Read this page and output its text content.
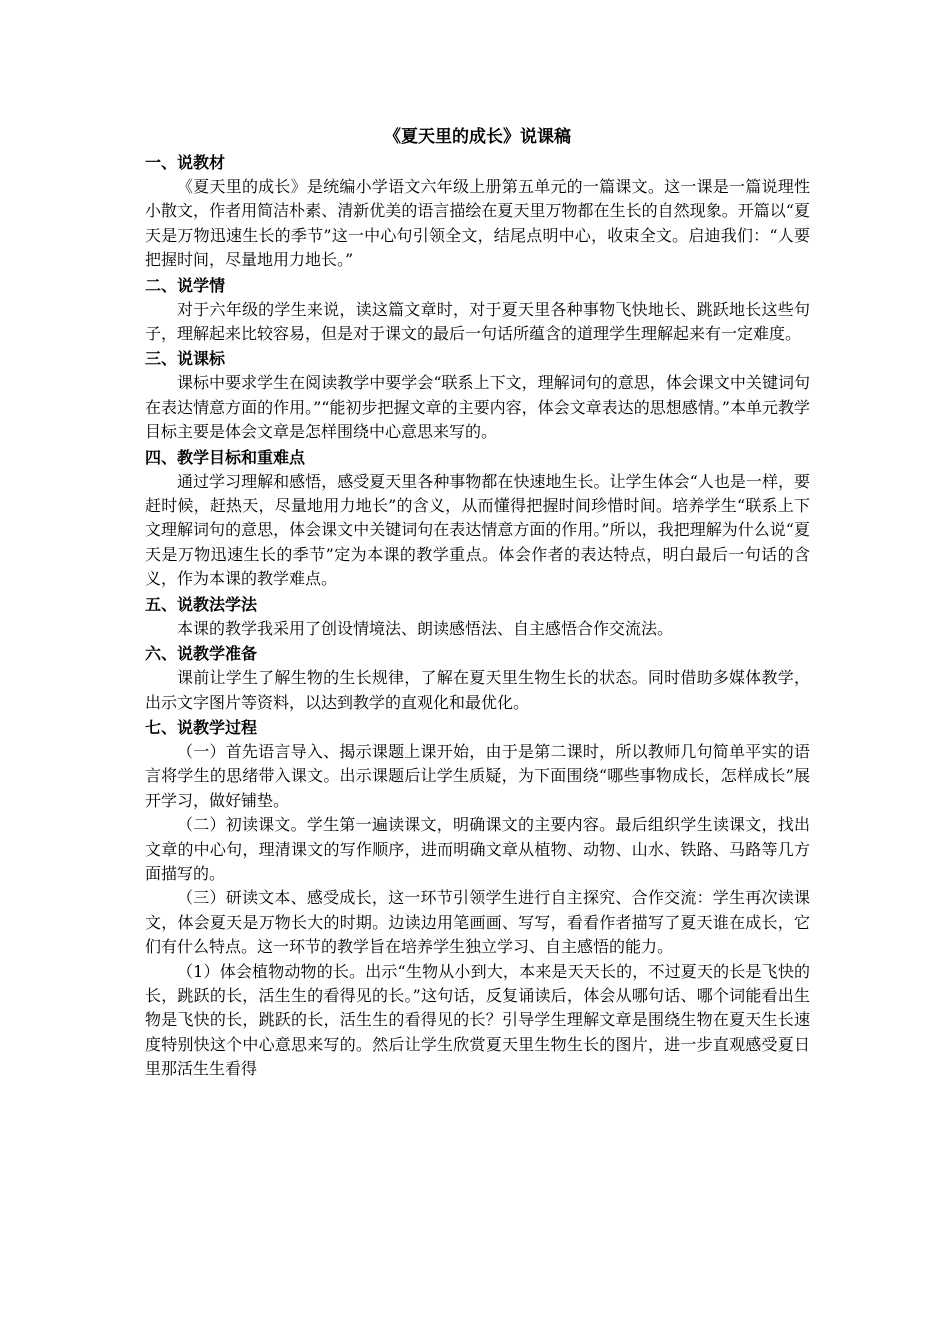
《夏天里的成长》说课稿
一、说教材

《夏天里的成长》是统编小学语文六年级上册第五单元的一篇课文。这一课是一篇说理性小散文，作者用简洁朴素、清新优美的语言描绘在夏天里万物都在生长的自然现象。开篇以“夏天是万物迅速生长的季节”这一中心句引领全文，结尾点明中心，收束全文。启迪我们：“人要把握时间，尽量地用力地长。”

二、说学情

对于六年级的学生来说，读这篇文章时，对于夏天里各种事物飞快地长、跳跃地长这些句子，理解起来比较容易，但是对于课文的最后一句话所蕴含的道理学生理解起来有一定难度。

三、说课标

课标中要求学生在阅读教学中要学会“联系上下文，理解词句的意思，体会课文中关键词句在表达情意方面的作用。”“能初步把握文章的主要内容，体会文章表达的思想感情。”本单元教学目标主要是体会文章是怎样围绕中心意思来写的。

四、教学目标和重难点

通过学习理解和感悟，感受夏天里各种事物都在快速地生长。让学生体会“人也是一样，要赶时候，赶热天，尽量地用力地长”的含义，从而懂得把握时间珍惜时间。培养学生“联系上下文理解词句的意思，体会课文中关键词句在表达情意方面的作用。”所以，我把理解为什么说“夏天是万物迅速生长的季节”定为本课的教学重点。体会作者的表达特点，明白最后一句话的含义，作为本课的教学难点。

五、说教法学法

本课的教学我采用了创设情境法、朗读感悟法、自主感悟合作交流法。

六、说教学准备

课前让学生了解生物的生长规律，了解在夏天里生物生长的状态。同时借助多媒体教学，出示文字图片等资料，以达到教学的直观化和最优化。

七、说教学过程

（一）首先语言导入、揭示课题上课开始，由于是第二课时，所以教师几句简单平实的语言将学生的思绪带入课文。出示课题后让学生质疑，为下面围绕“哪些事物成长，怎样成长”展开学习，做好铺垫。

（二）初读课文。学生第一遍读课文，明确课文的主要内容。最后组织学生读课文，找出文章的中心句，理清课文的写作顺序，进而明确文章从植物、动物、山水、铁路、马路等几方面描写的。

（三）研读文本、感受成长，这一环节引领学生进行自主探究、合作交流：学生再次读课文，体会夏天是万物长大的时期。边读边用笔画画、写写，看看作者描写了夏天谁在成长，它们有什么特点。这一环节的教学旨在培养学生独立学习、自主感悟的能力。

（1）体会植物动物的长。出示“生物从小到大，本来是天天长的，不过夏天的长是飞快的长，跳跃的长，活生生的看得见的长。”这句话，反复诵读后，体会从哪句话、哪个词能看出生物是飞快的长，跳跃的长，活生生的看得见的长？引导学生理解文章是围绕生物在夏天生长速度特别快这个中心意思来写的。然后让学生欣赏夏天里生物生长的图片，进一步直观感受夏日里那活生生看得
